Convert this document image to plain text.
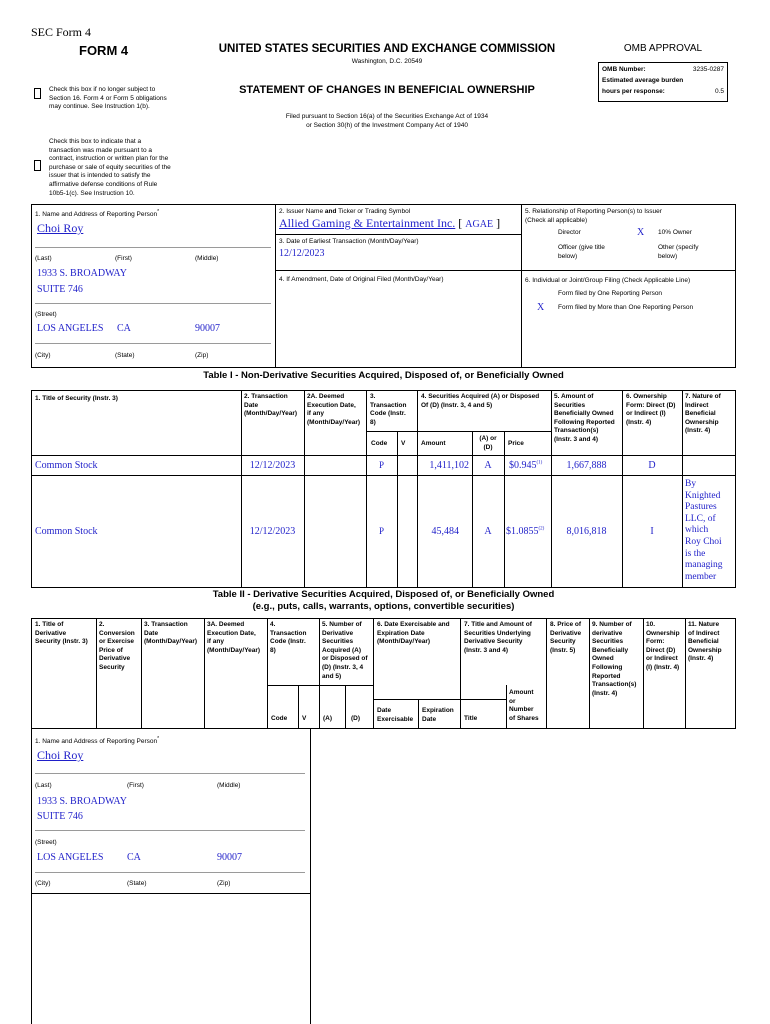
SEC Form 4
FORM 4	UNITED STATES SECURITIES AND EXCHANGE COMMISSION
Washington, D.C. 20549
STATEMENT OF CHANGES IN BENEFICIAL OWNERSHIP
Filed pursuant to Section 16(a) of the Securities Exchange Act of 1934
or Section 30(h) of the Investment Company Act of 1940
OMB APPROVAL
OMB Number:	3235-0287
Estimated average burden
hours per response:	0.5
Check this box if no longer subject to
Section 16. Form 4 or Form 5 obligations
may continue. See Instruction 1(b).
Check this box to indicate that a
transaction was made pursuant to a
contract, instruction or written plan for the
purchase or sale of equity securities of the
issuer that is intended to satisfy the
affirmative defense conditions of Rule
10b5-1(c). See Instruction 10.
1. Name and Address of Reporting Person*
Choi Roy
(Last)	(First)	(Middle)
1933 S. BROADWAY
SUITE 746
(Street)
LOS ANGELES CA	90007
(City)	(State)	(Zip)
2. Issuer Name and Ticker or Trading Symbol
Allied Gaming & Entertainment Inc. [ AGAE ]
3. Date of Earliest Transaction (Month/Day/Year)
12/12/2023
4. If Amendment, Date of Original Filed (Month/Day/Year)
5. Relationship of Reporting Person(s) to Issuer
(Check all applicable)
Director	X 10% Owner
Officer (give title
below)
Other (specify
below)
6. Individual or Joint/Group Filing (Check Applicable Line)
Form filed by One Reporting Person
X Form filed by More than One Reporting Person
Table I - Non-Derivative Securities Acquired, Disposed of, or Beneficially Owned
1. Title of Security (Instr. 3)	2. Transaction
Date
(Month/Day/Year)
2A. Deemed
Execution Date,
if any
(Month/Day/Year)
3.
Transaction
Code (Instr.
8)
4. Securities Acquired (A) or Disposed
Of (D) (Instr. 3, 4 and 5)
5. Amount of
Securities
Beneficially Owned
Following Reported
Transaction(s)
(Instr. 3 and 4)
6. Ownership
Form: Direct (D)
or Indirect (I)
(Instr. 4)
7. Nature of
Indirect
Beneficial
Ownership
(Instr. 4)
Code V Amount
(A) or
(D)
Price
Common Stock	12/12/2023	P	1,411,102	A	$0.945$^{(1)}$	1,667,888	D
Common Stock	12/12/2023	P	45,484	A	$1.0855$^{(2)}$	8,016,818	I
By
Knighted
Pastures
LLC, of
which
Roy Choi
is the
managing
member
Table II - Derivative Securities Acquired, Disposed of, or Beneficially Owned
(e.g., puts, calls, warrants, options, convertible securities)
1. Title of
Derivative
Security (Instr. 3)
2.
Conversion
or Exercise
Price of
Derivative
Security
3. Transaction
Date
(Month/Day/Year)
3A. Deemed
Execution Date,
if any
(Month/Day/Year)
4.
Transaction
Code (Instr.
8)
5. Number of
Derivative
Securities
Acquired (A)
or Disposed of
(D) (Instr. 3, 4
and 5)
6. Date Exercisable and
Expiration Date
(Month/Day/Year)
7. Title and Amount of
Securities Underlying
Derivative Security
(Instr. 3 and 4)
8. Price of
Derivative
Security
(Instr. 5)
9. Number of
derivative
Securities
Beneficially
Owned
Following
Reported
Transaction(s)
(Instr. 4)
10.
Ownership
Form:
Direct (D)
or Indirect
(I) (Instr. 4)
11. Nature
of Indirect
Beneficial
Ownership
(Instr. 4)
Code V	(A)	(D)
Date
Exercisable
Expiration
Date	Title
Amount
or
Number
of Shares
1. Name and Address of Reporting Person*
Choi Roy
(Last)	(First)	(Middle)
1933 S. BROADWAY
SUITE 746
(Street)
LOS ANGELES CA	90007
(City)	(State)	(Zip)
